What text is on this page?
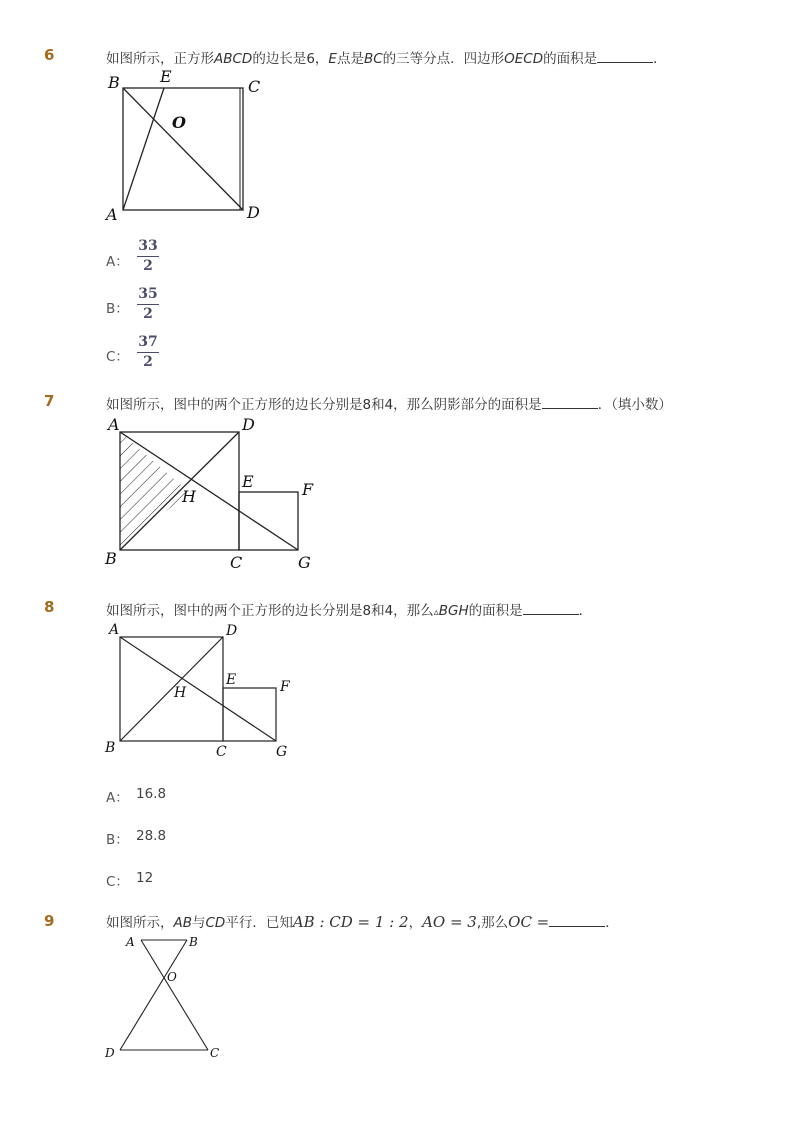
6	如图所示，正方形ABCD的边长是6，E点是BC的三等分点．四边形OECD的面积是	．
B	E
C
O
A	D
A：
33
2
B：
35
2
C：
37
2
7	如图所示，图中的两个正方形的边长分别是8和4，那么阴影部分的面积是	．（填小数）
A	D
E	F
H
B	C	G
8	如图所示，图中的两个正方形的边长分别是8和4，那么▵BGH的面积是	．
A	D
E	F
H
B	C	G
A： 16.8
B： 28.8
C： 12
9	如图所示，AB与CD平行．已知AB : CD = 1 : 2，AO = 3,那么OC =	．
A	B
O
D	C
